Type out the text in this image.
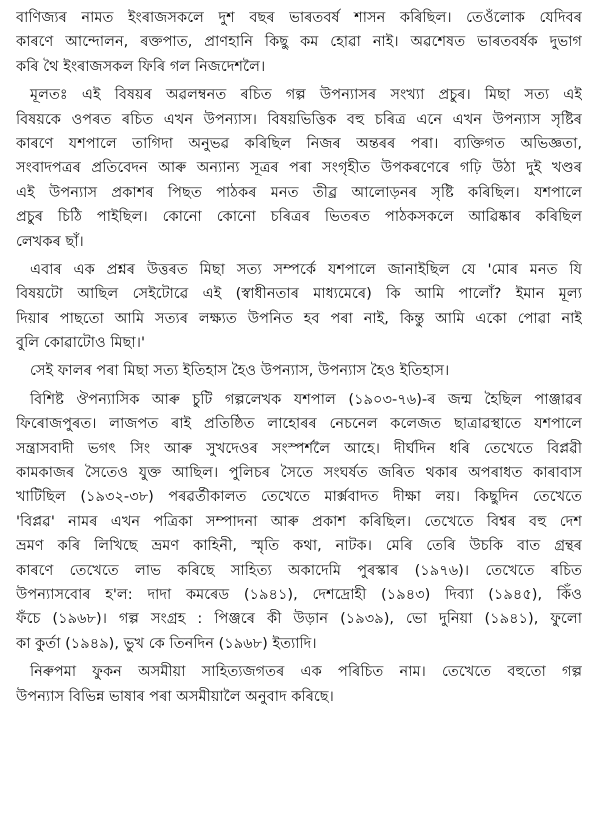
বাণিজ্যৰ নামত ইংৰাজসকলে দুশ বছৰ ভাৰতবৰ্ষ শাসন কৰিছিল। তেওঁলোক যেদিবৰ
কাৰণে আন্দোলন, ৰক্তপাত, প্ৰাণহানি কিছু কম হোৱা নাই। অৱশেষত ভাৰতবৰ্ষক দুভাগ
কৰি থৈ ইংৰাজসকল ফিৰি গল নিজদেশলৈ।
মূলতঃ এই বিষয়ৰ অৱলম্বনত ৰচিত গল্প উপন্যাসৰ সংখ্যা প্ৰচুৰ। মিছা সত্য এই
বিষয়কে ওপৰত ৰচিত এখন উপন্যাস। বিষয়ভিত্তিক বহু চৰিত্ৰ এনে এখন উপন্যাস সৃষ্টিৰ
কাৰণে যশপালে তাগিদা অনুভৱ কৰিছিল নিজৰ অন্তৰৰ পৰা। ব্যক্তিগত অভিজ্ঞতা,
সংবাদপত্ৰৰ প্ৰতিবেদন আৰু অন্যান্য সূত্ৰৰ পৰা সংগৃহীত উপকৰণেৰে গঢ়ি উঠা দুই খণ্ডৰ
এই উপন্যাস প্ৰকাশৰ পিছত পাঠকৰ মনত তীৱ্ৰ আলোড়নৰ সৃষ্টি কৰিছিল। যশপালে
প্ৰচুৰ চিঠি পাইছিল। কোনো কোনো চৰিত্ৰৰ ভিতৰত পাঠকসকলে আৱিষ্কাৰ কৰিছিল
লেখকৰ ছাঁ।
এবাৰ এক প্ৰশ্নৰ উত্তৰত মিছা সত্য সম্পৰ্কে যশপালে জানাইছিল যে 'মোৰ মনত যি
বিষয়টো আছিল সেইটোৱে এই (স্বাধীনতাৰ মাধ্যমেৰে) কি আমি পালোঁ? ইমান মূল্য
দিয়াৰ পাছতো আমি সত্যৰ লক্ষ্যত উপনিত হব পৰা নাই, কিন্তু আমি একো পোৱা নাই
বুলি কোৱাটোও মিছা।'
সেই ফালৰ পৰা মিছা সত্য ইতিহাস হৈও উপন্যাস, উপন্যাস হৈও ইতিহাস।
বিশিষ্ট ঔপন্যাসিক আৰু চুটি গল্পলেখক যশপাল (১৯০৩-৭৬)-ৰ জন্ম হৈছিল পাঞ্জাৱৰ
ফিৰোজপুৰত। লাজপত ৰাই প্ৰতিষ্ঠিত লাহোৰৰ নেচনেল কলেজত ছাত্ৰাৱস্থাতে যশপালে
সন্ত্ৰাসবাদী ভগৎ সিং আৰু সুখদেওৰ সংস্পৰ্শলৈ আহে। দীৰ্ঘদিন ধৰি তেখেতে বিপ্লৱী
কামকাজৰ সৈতেও যুক্ত আছিল। পুলিচৰ সৈতে সংঘৰ্ষত জৰিত থকাৰ অপৰাধত কাৰাবাস
খাটিছিল (১৯৩২-৩৮) পৰৱৰ্তীকালত তেখেতে মাৰ্ক্সবাদত দীক্ষা লয়। কিছুদিন তেখেতে
'বিপ্লৱ' নামৰ এখন পত্ৰিকা সম্পাদনা আৰু প্ৰকাশ কৰিছিল। তেখেতে বিশ্বৰ বহু দেশ
ভ্ৰমণ কৰি লিখিছে ভ্ৰমণ কাহিনী, স্মৃতি কথা, নাটক। মেৰি তেৰি উচকি বাত গ্ৰন্থৰ
কাৰণে তেখেতে লাভ কৰিছে সাহিত্য অকাদেমি পুৰস্কাৰ (১৯৭৬)। তেখেতে ৰচিত
উপন্যাসবোৰ হ'ল: দাদা কমৰেড (১৯৪১), দেশদ্ৰোহী (১৯৪৩) দিব্যা (১৯৪৫), কিঁও
ফঁচে (১৯৬৮)। গল্প সংগ্ৰহ : পিঞ্জৰে কী উড়ান (১৯৩৯), ভো দুনিয়া (১৯৪১), ফুলো
কা কুৰ্তা (১৯৪৯), ভুখ কে তিনদিন (১৯৬৮) ইত্যাদি।
নিৰুপমা ফুকন অসমীয়া সাহিত্যজগতৰ এক পৰিচিত নাম। তেখেতে বহুতো গল্প
উপন্যাস বিভিন্ন ভাষাৰ পৰা অসমীয়ালৈ অনুবাদ কৰিছে।
